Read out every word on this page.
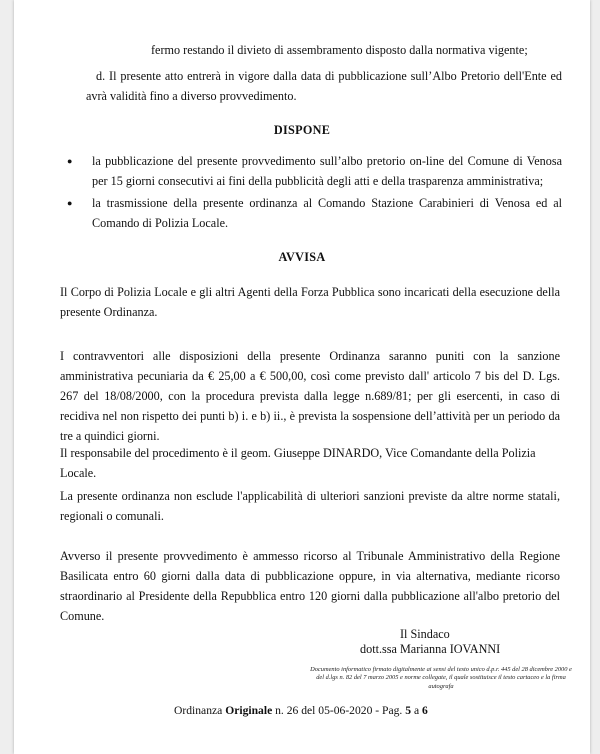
fermo restando il divieto di assembramento disposto dalla normativa vigente;
d. Il presente atto entrerà in vigore dalla data di pubblicazione sull’Albo Pretorio dell'Ente ed avrà validità fino a diverso provvedimento.
DISPONE
● la pubblicazione del presente provvedimento sull’albo pretorio on-line del Comune di Venosa per 15 giorni consecutivi ai fini della pubblicità degli atti e della trasparenza amministrativa;
● la trasmissione della presente ordinanza al Comando Stazione Carabinieri di Venosa ed al Comando di Polizia Locale.
AVVISA
Il Corpo di Polizia Locale e gli altri Agenti della Forza Pubblica sono incaricati della esecuzione della presente Ordinanza.
I contravventori alle disposizioni della presente Ordinanza saranno puniti con la sanzione amministrativa pecuniaria da € 25,00 a € 500,00, così come previsto dall' articolo 7 bis del D. Lgs. 267 del 18/08/2000, con la procedura prevista dalla legge n.689/81; per gli esercenti, in caso di recidiva nel non rispetto dei punti b) i. e b) ii., è prevista la sospensione dell’attività per un periodo da tre a quindici giorni.
Il responsabile del procedimento è il geom. Giuseppe DINARDO, Vice Comandante della Polizia Locale.
La presente ordinanza non esclude l'applicabilità di ulteriori sanzioni previste da altre norme statali, regionali o comunali.
Avverso il presente provvedimento è ammesso ricorso al Tribunale Amministrativo della Regione Basilicata entro 60 giorni dalla data di pubblicazione oppure, in via alternativa, mediante ricorso straordinario al Presidente della Repubblica entro 120 giorni dalla pubblicazione all'albo pretorio del Comune.
Il Sindaco
dott.ssa Marianna IOVANNI
Documento informatico firmato digitalmente ai sensi del testo unico d.p.r. 445 del 28 dicembre 2000 e del d.lgs n. 82 del 7 marzo 2005 e norme collegate, il quale sostituisce il testo cartaceo e la firma autografa
Ordinanza Originale n. 26 del 05-06-2020 - Pag. 5 a 6
